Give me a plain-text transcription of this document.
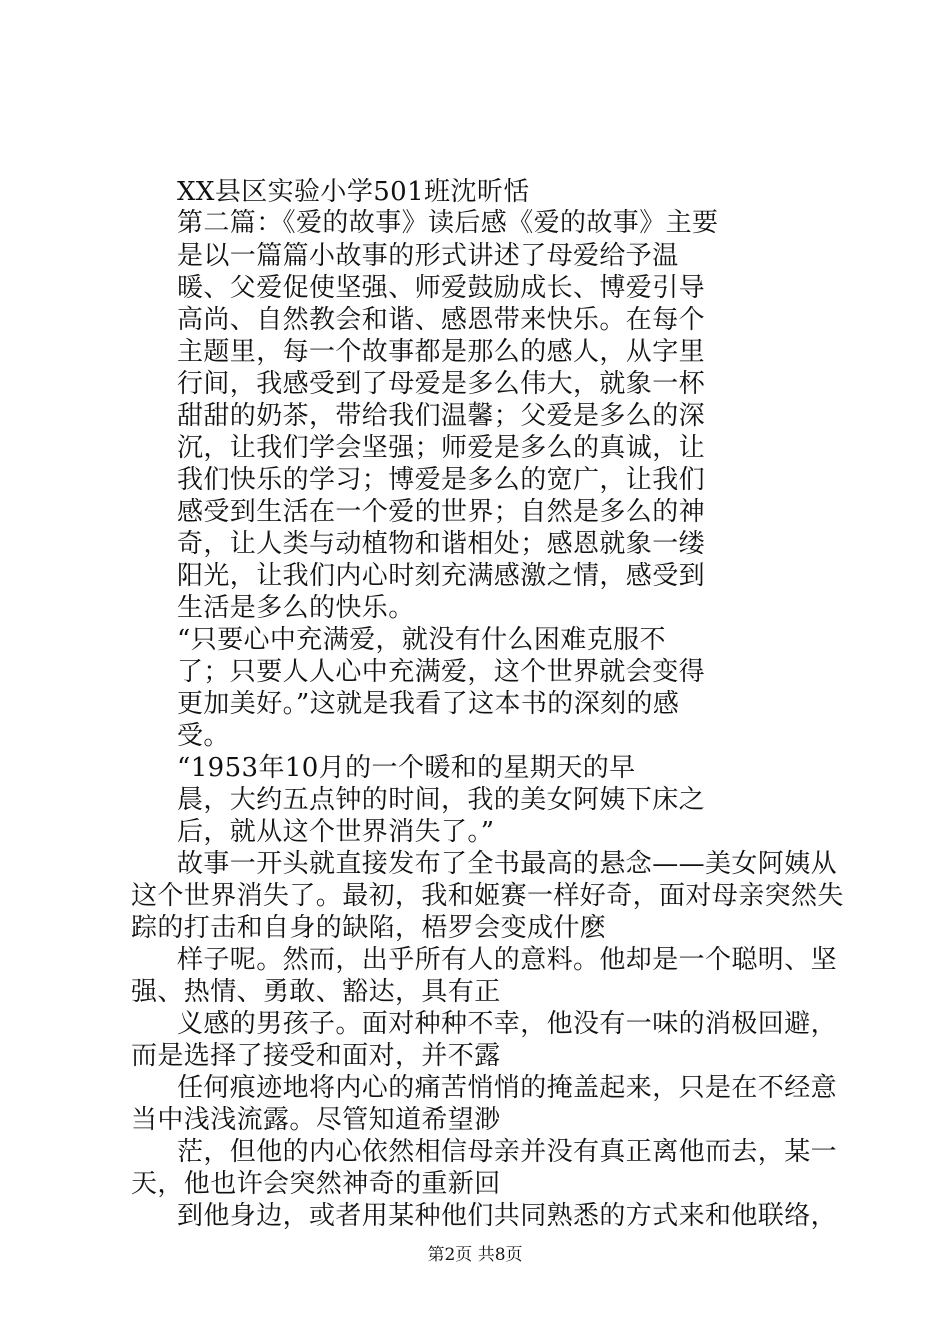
XX县区实验小学501班沈昕恬

第二篇：《爱的故事》读后感《爱的故事》主要

是以一篇篇小故事的形式讲述了母爱给予温

暖、父爱促使坚强、师爱鼓励成长、博爱引导

高尚、自然教会和谐、感恩带来快乐。在每个

主题里，每一个故事都是那么的感人，从字里

行间，我感受到了母爱是多么伟大，就象一杯

甜甜的奶茶，带给我们温馨；父爱是多么的深

沉，让我们学会坚强；师爱是多么的真诚，让

我们快乐的学习；博爱是多么的宽广，让我们

感受到生活在一个爱的世界；自然是多么的神

奇，让人类与动植物和谐相处；感恩就象一缕

阳光，让我们内心时刻充满感激之情，感受到

生活是多么的快乐。

“只要心中充满爱，就没有什么困难克服不

了；只要人人心中充满爱，这个世界就会变得

更加美好。”这就是我看了这本书的深刻的感

受。

“1953年10月的一个暖和的星期天的早

晨，大约五点钟的时间，我的美女阿姨下床之

后，就从这个世界消失了。”

故事一开头就直接发布了全书最高的悬念——美女阿姨从

这个世界消失了。最初，我和姬赛一样好奇，面对母亲突然失

踪的打击和自身的缺陷，梧罗会变成什麽

样子呢。然而，出乎所有人的意料。他却是一个聪明、坚

强、热情、勇敢、豁达，具有正

义感的男孩子。面对种种不幸，他没有一味的消极回避，

而是选择了接受和面对，并不露

任何痕迹地将内心的痛苦悄悄的掩盖起来，只是在不经意

当中浅浅流露。尽管知道希望渺

茫，但他的内心依然相信母亲并没有真正离他而去，某一

天，他也许会突然神奇的重新回

到他身边，或者用某种他们共同熟悉的方式来和他联络，

第2页 共8页
